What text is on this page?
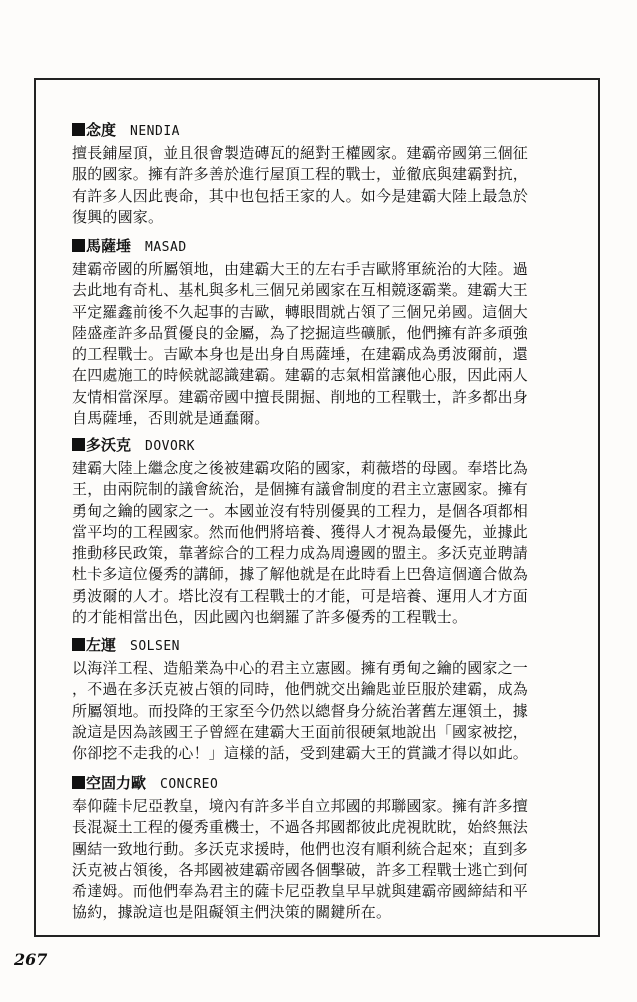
念度 NENDIA
擅長鋪屋頂，並且很會製造磚瓦的絕對王權國家。建霸帝國第三個征
服的國家。擁有許多善於進行屋頂工程的戰士，並徹底與建霸對抗，
有許多人因此喪命，其中也包括王家的人。如今是建霸大陸上最急於
復興的國家。
馬薩埵 MASAD
建霸帝國的所屬領地，由建霸大王的左右手吉歐將軍統治的大陸。過
去此地有奇札、基札與多札三個兄弟國家在互相競逐霸業。建霸大王
平定羅鑫前後不久起事的吉歐，轉眼間就占領了三個兄弟國。這個大
陸盛產許多品質優良的金屬，為了挖掘這些礦脈，他們擁有許多頑強
的工程戰士。吉歐本身也是出身自馬薩埵，在建霸成為勇波爾前，還
在四處施工的時候就認識建霸。建霸的志氣相當讓他心服，因此兩人
友情相當深厚。建霸帝國中擅長開掘、削地的工程戰士，許多都出身
自馬薩埵，否則就是通蠢爾。
多沃克 DOVORK
建霸大陸上繼念度之後被建霸攻陷的國家，莉薇塔的母國。奉塔比為
王，由兩院制的議會統治，是個擁有議會制度的君主立憲國家。擁有
勇甸之鑰的國家之一。本國並沒有特別優異的工程力，是個各項都相
當平均的工程國家。然而他們將培養、獲得人才視為最優先，並據此
推動移民政策，靠著綜合的工程力成為周邊國的盟主。多沃克並聘請
杜卡多這位優秀的講師，據了解他就是在此時看上巴魯這個適合做為
勇波爾的人才。塔比沒有工程戰士的才能，可是培養、運用人才方面
的才能相當出色，因此國內也網羅了許多優秀的工程戰士。
左運 SOLSEN
以海洋工程、造船業為中心的君主立憲國。擁有勇甸之鑰的國家之一
，不過在多沃克被占領的同時，他們就交出鑰匙並臣服於建霸，成為
所屬領地。而投降的王家至今仍然以總督身分統治著舊左運領土，據
說這是因為該國王子曾經在建霸大王面前很硬氣地說出「國家被挖，
你卻挖不走我的心！」這樣的話，受到建霸大王的賞識才得以如此。
空固力歐 CONCREO
奉仰薩卡尼亞教皇，境內有許多半自立邦國的邦聯國家。擁有許多擅
長混凝土工程的優秀重機士，不過各邦國都彼此虎視眈眈，始終無法
團結一致地行動。多沃克求援時，他們也沒有順利統合起來；直到多
沃克被占領後，各邦國被建霸帝國各個擊破，許多工程戰士逃亡到何
希達姆。而他們奉為君主的薩卡尼亞教皇早早就與建霸帝國締結和平
協約，據說這也是阻礙領主們決策的關鍵所在。
267
